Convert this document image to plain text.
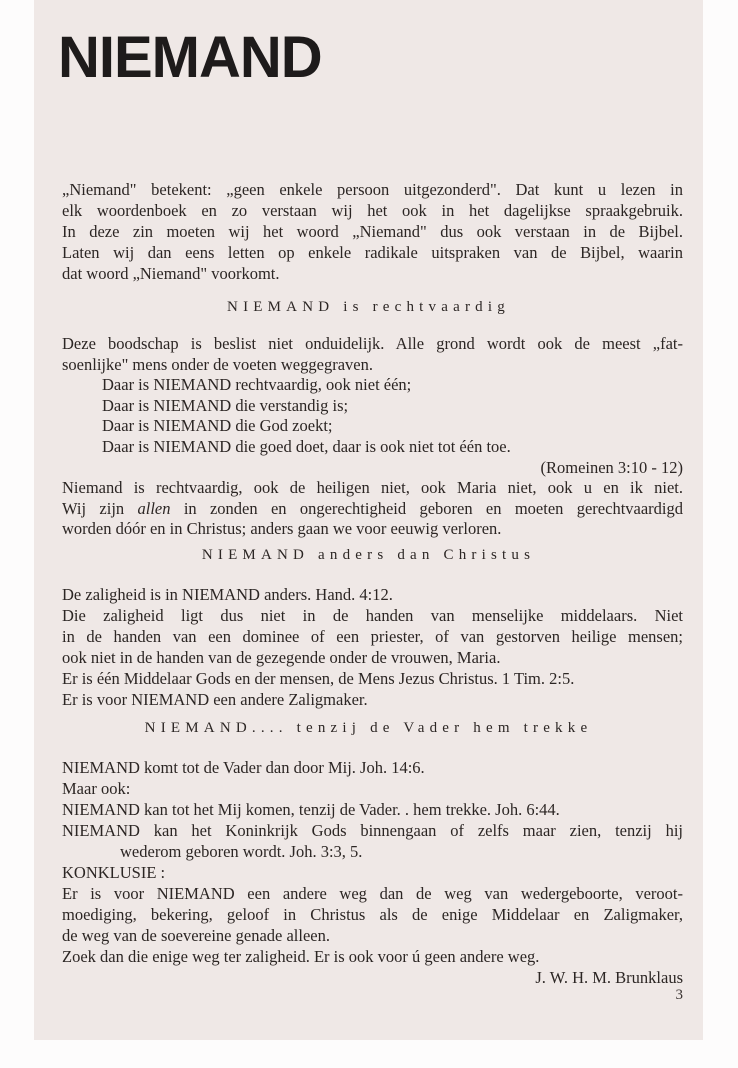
NIEMAND
„Niemand" betekent: „geen enkele persoon uitgezonderd". Dat kunt u lezen in
elk woordenboek en zo verstaan wij het ook in het dagelijkse spraakgebruik.
In deze zin moeten wij het woord „Niemand" dus ook verstaan in de Bijbel.
Laten wij dan eens letten op enkele radikale uitspraken van de Bijbel, waarin
dat woord „Niemand" voorkomt.
NIEMAND is rechtvaardig
Deze boodschap is beslist niet onduidelijk. Alle grond wordt ook de meest „fat-
soenlijke" mens onder de voeten weggegraven.
Daar is NIEMAND rechtvaardig, ook niet één;
Daar is NIEMAND die verstandig is;
Daar is NIEMAND die God zoekt;
Daar is NIEMAND die goed doet, daar is ook niet tot één toe.
(Romeinen 3:10 - 12)
Niemand is rechtvaardig, ook de heiligen niet, ook Maria niet, ook u en ik niet.
Wij zijn allen in zonden en ongerechtigheid geboren en moeten gerechtvaardigd
worden dóór en in Christus; anders gaan we voor eeuwig verloren.
NIEMAND anders dan Christus
De zaligheid is in NIEMAND anders. Hand. 4:12.
Die zaligheid ligt dus niet in de handen van menselijke middelaars. Niet
in de handen van een dominee of een priester, of van gestorven heilige mensen;
ook niet in de handen van de gezegende onder de vrouwen, Maria.
Er is één Middelaar Gods en der mensen, de Mens Jezus Christus. 1 Tim. 2:5.
Er is voor NIEMAND een andere Zaligmaker.
NIEMAND.... tenzij de Vader hem trekke
NIEMAND komt tot de Vader dan door Mij. Joh. 14:6.
Maar ook:
NIEMAND kan tot het Mij komen, tenzij de Vader. . hem trekke. Joh. 6:44.
NIEMAND kan het Koninkrijk Gods binnengaan of zelfs maar zien, tenzij hij
wederom geboren wordt. Joh. 3:3, 5.
KONKLUSIE :
Er is voor NIEMAND een andere weg dan de weg van wedergeboorte, veroot-
moediging, bekering, geloof in Christus als de enige Middelaar en Zaligmaker,
de weg van de soevereine genade alleen.
Zoek dan die enige weg ter zaligheid. Er is ook voor ú geen andere weg.
J. W. H. M. Brunklaus
3
